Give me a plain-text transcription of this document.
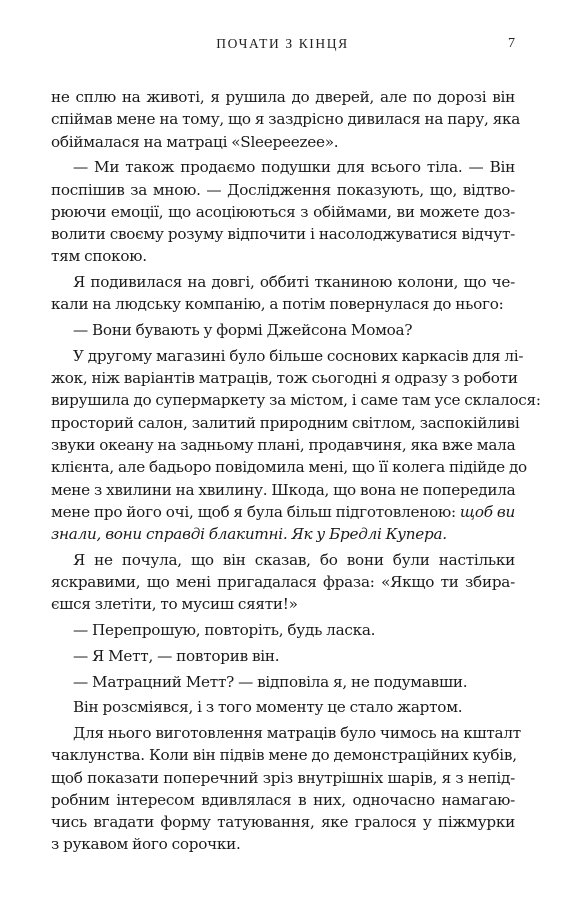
ПОЧАТИ З КІНЦЯ	7
не сплю на животі, я рушила до дверей, але по дорозі він
спіймав мене на тому, що я заздрісно дивилася на пару, яка
обіймалася на матраці «Sleepeezee».
— Ми також продаємо подушки для всього тіла. — Він
поспішив за мною. — Дослідження показують, що, відтво-
рюючи емоції, що асоціюються з обіймами, ви можете доз-
волити своєму розуму відпочити і насолоджуватися відчут-
тям спокою.
Я подивилася на довгі, оббиті тканиною колони, що че-
кали на людську компанію, а потім повернулася до нього:
— Вони бувають у формі Джейсона Момоа?
У другому магазині було більше соснових каркасів для лі-
жок, ніж варіантів матраців, тож сьогодні я одразу з роботи
вирушила до супермаркету за містом, і саме там усе склалося:
просторий салон, залитий природним світлом, заспокійливі
звуки океану на задньому плані, продавчиня, яка вже мала
клієнта, але бадьоро повідомила мені, що її колега підійде до
мене з хвилини на хвилину. Шкода, що вона не попередила
мене про його очі, щоб я була більш підготовленою: щоб ви
знали, вони справді блакитні. Як у Бредлі Купера.
Я не почула, що він сказав, бо вони були настільки
яскравими, що мені пригадалася фраза: «Якщо ти збира-
єшся злетіти, то мусиш сяяти!»
— Перепрошую, повторіть, будь ласка.
— Я Метт, — повторив він.
— Матрацний Метт? — відповіла я, не подумавши.
Він розсміявся, і з того моменту це стало жартом.
Для нього виготовлення матраців було чимось на кшталт
чаклунства. Коли він підвів мене до демонстраційних кубів,
щоб показати поперечний зріз внутрішніх шарів, я з непід-
робним інтересом вдивлялася в них, одночасно намагаю-
чись вгадати форму татуювання, яке гралося у піжмурки
з рукавом його сорочки.
